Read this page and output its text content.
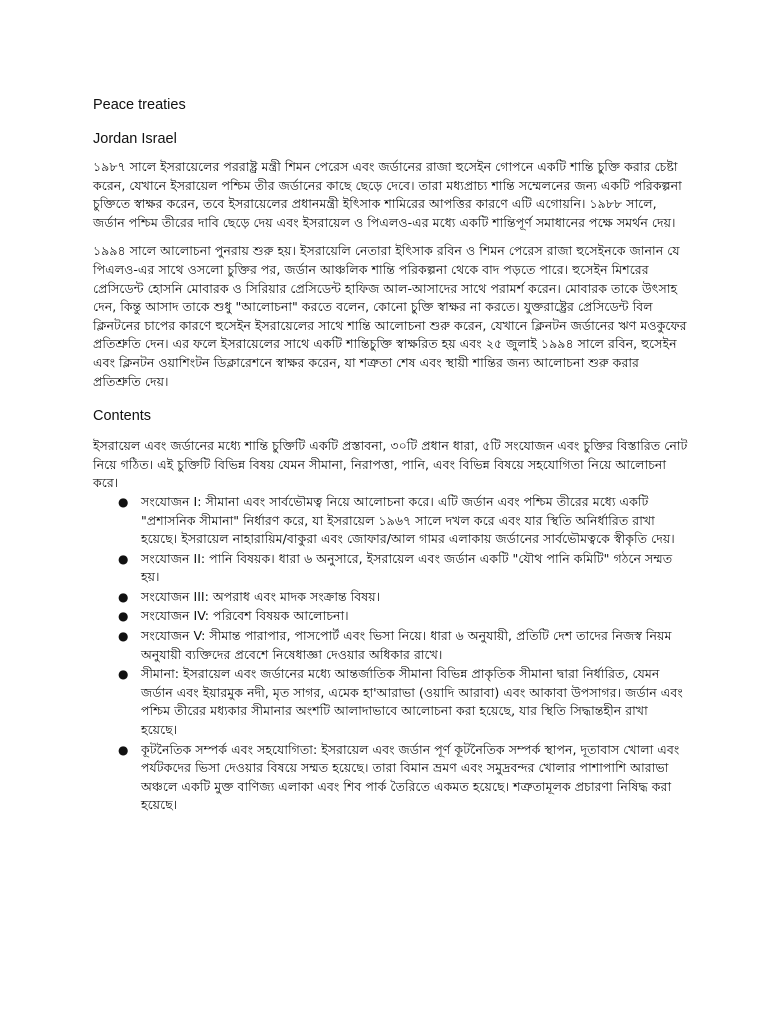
Peace treaties

Jordan Israel

১৯৮৭ সালে ইসরায়েলের পররাষ্ট্র মন্ত্রী শিমন পেরেস এবং জর্ডানের রাজা হুসেইন গোপনে একটি শান্তি চুক্তি করার চেষ্টা করেন, যেখানে ইসরায়েল পশ্চিম তীর জর্ডানের কাছে ছেড়ে দেবে। তারা মধ্যপ্রাচ্য শান্তি সম্মেলনের জন্য একটি পরিকল্পনা চুক্তিতে স্বাক্ষর করেন, তবে ইসরায়েলের প্রধানমন্ত্রী ইৎিসাক শামিরের আপত্তির কারণে এটি এগোয়নি। ১৯৮৮ সালে, জর্ডান পশ্চিম তীরের দাবি ছেড়ে দেয় এবং ইসরায়েল ও পিএলও-এর মধ্যে একটি শান্তিপূর্ণ সমাধানের পক্ষে সমর্থন দেয়।

১৯৯৪ সালে আলোচনা পুনরায় শুরু হয়। ইসরায়েলি নেতারা ইৎিসাক রবিন ও শিমন পেরেস রাজা হুসেইনকে জানান যে পিএলও-এর সাথে ওসলো চুক্তির পর, জর্ডান আঞ্চলিক শান্তি পরিকল্পনা থেকে বাদ পড়তে পারে। হুসেইন মিশরের প্রেসিডেন্ট হোসনি মোবারক ও সিরিয়ার প্রেসিডেন্ট হাফিজ আল-আসাদের সাথে পরামর্শ করেন। মোবারক তাকে উৎসাহ দেন, কিন্তু আসাদ তাকে শুধু "আলোচনা" করতে বলেন, কোনো চুক্তি স্বাক্ষর না করতে। যুক্তরাষ্ট্রের প্রেসিডেন্ট বিল ক্লিনটনের চাপের কারণে হুসেইন ইসরায়েলের সাথে শান্তি আলোচনা শুরু করেন, যেখানে ক্লিনটন জর্ডানের ঋণ মওকুফের প্রতিশ্রুতি দেন। এর ফলে ইসরায়েলের সাথে একটি শান্তিচুক্তি স্বাক্ষরিত হয় এবং ২৫ জুলাই ১৯৯৪ সালে রবিন, হুসেইন এবং ক্লিনটন ওয়াশিংটন ডিক্লারেশনে স্বাক্ষর করেন, যা শত্রুতা শেষ এবং স্থায়ী শান্তির জন্য আলোচনা শুরু করার প্রতিশ্রুতি দেয়।

Contents

ইসরায়েল এবং জর্ডানের মধ্যে শান্তি চুক্তিটি একটি প্রস্তাবনা, ৩০টি প্রধান ধারা, ৫টি সংযোজন এবং চুক্তির বিস্তারিত নোট নিয়ে গঠিত। এই চুক্তিটি বিভিন্ন বিষয় যেমন সীমানা, নিরাপত্তা, পানি, এবং বিভিন্ন বিষয়ে সহযোগিতা নিয়ে আলোচনা করে।

● সংযোজন I: সীমানা এবং সার্বভৌমত্ব নিয়ে আলোচনা করে। এটি জর্ডান এবং পশ্চিম তীরের মধ্যে একটি "প্রশাসনিক সীমানা" নির্ধারণ করে, যা ইসরায়েল ১৯৬৭ সালে দখল করে এবং যার স্থিতি অনির্ধারিত রাখা হয়েছে। ইসরায়েল নাহারায়িম/বাকুরা এবং জোফার/আল গামর এলাকায় জর্ডানের সার্বভৌমত্বকে স্বীকৃতি দেয়।
● সংযোজন II: পানি বিষয়ক। ধারা ৬ অনুসারে, ইসরায়েল এবং জর্ডান একটি "যৌথ পানি কমিটি" গঠনে সম্মত হয়।
● সংযোজন III: অপরাধ এবং মাদক সংক্রান্ত বিষয়।
● সংযোজন IV: পরিবেশ বিষয়ক আলোচনা।
● সংযোজন V: সীমান্ত পারাপার, পাসপোর্ট এবং ভিসা নিয়ে। ধারা ৬ অনুযায়ী, প্রতিটি দেশ তাদের নিজস্ব নিয়ম অনুযায়ী ব্যক্তিদের প্রবেশে নিষেধাজ্ঞা দেওয়ার অধিকার রাখে।
● সীমানা: ইসরায়েল এবং জর্ডানের মধ্যে আন্তর্জাতিক সীমানা বিভিন্ন প্রাকৃতিক সীমানা দ্বারা নির্ধারিত, যেমন জর্ডান এবং ইয়ারমুক নদী, মৃত সাগর, এমেক হা'আরাভা (ওয়াদি আরাবা) এবং আকাবা উপসাগর। জর্ডান এবং পশ্চিম তীরের মধ্যকার সীমানার অংশটি আলাদাভাবে আলোচনা করা হয়েছে, যার স্থিতি সিদ্ধান্তহীন রাখা হয়েছে।
● কূটনৈতিক সম্পর্ক এবং সহযোগিতা: ইসরায়েল এবং জর্ডান পূর্ণ কূটনৈতিক সম্পর্ক স্থাপন, দূতাবাস খোলা এবং পর্যটকদের ভিসা দেওয়ার বিষয়ে সম্মত হয়েছে। তারা বিমান ভ্রমণ এবং সমুদ্রবন্দর খোলার পাশাপাশি আরাভা অঞ্চলে একটি মুক্ত বাণিজ্য এলাকা এবং শিব পার্ক তৈরিতে একমত হয়েছে। শত্রুতামূলক প্রচারণা নিষিদ্ধ করা হয়েছে।
